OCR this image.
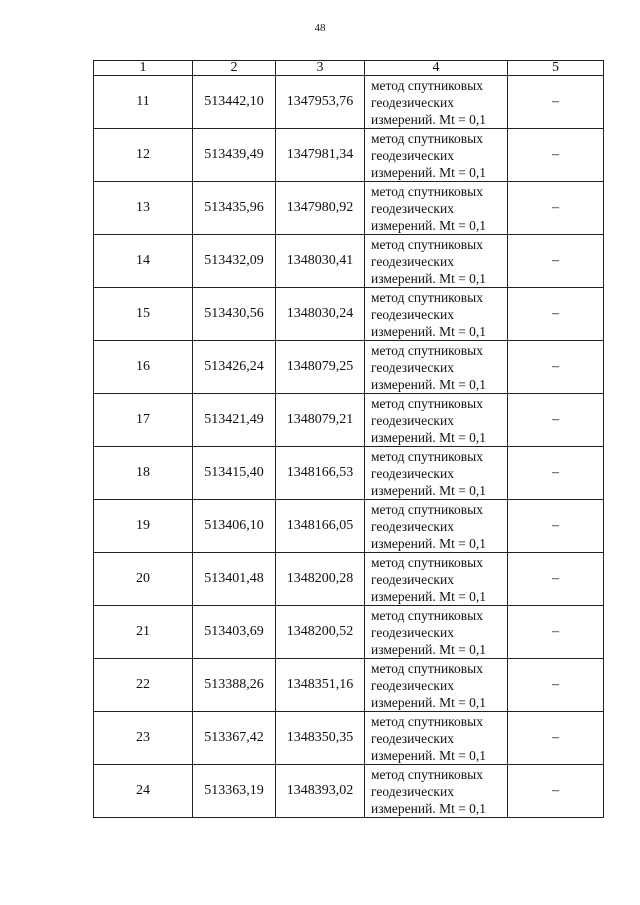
48
1	2	3	4	5
11	513442,10	1347953,76	метод спутниковых
геодезических
измерений. Mt = 0,1	–
12	513439,49	1347981,34	метод спутниковых
геодезических
измерений. Mt = 0,1	–
13	513435,96	1347980,92	метод спутниковых
геодезических
измерений. Mt = 0,1	–
14	513432,09	1348030,41	метод спутниковых
геодезических
измерений. Mt = 0,1	–
15	513430,56	1348030,24	метод спутниковых
геодезических
измерений. Mt = 0,1	–
16	513426,24	1348079,25	метод спутниковых
геодезических
измерений. Mt = 0,1	–
17	513421,49	1348079,21	метод спутниковых
геодезических
измерений. Mt = 0,1	–
18	513415,40	1348166,53	метод спутниковых
геодезических
измерений. Mt = 0,1	–
19	513406,10	1348166,05	метод спутниковых
геодезических
измерений. Mt = 0,1	–
20	513401,48	1348200,28	метод спутниковых
геодезических
измерений. Mt = 0,1	–
21	513403,69	1348200,52	метод спутниковых
геодезических
измерений. Mt = 0,1	–
22	513388,26	1348351,16	метод спутниковых
геодезических
измерений. Mt = 0,1	–
23	513367,42	1348350,35	метод спутниковых
геодезических
измерений. Mt = 0,1	–
24	513363,19	1348393,02	метод спутниковых
геодезических
измерений. Mt = 0,1	–
